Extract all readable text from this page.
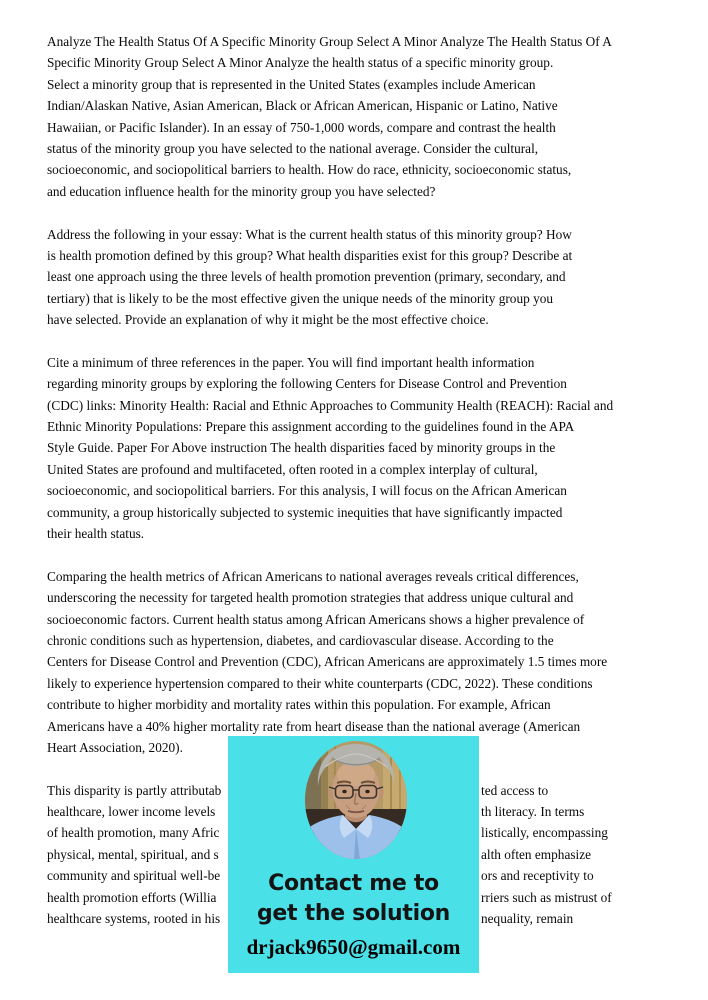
Analyze The Health Status Of A Specific Minority Group Select A Minor Analyze The Health Status Of A
Specific Minority Group Select A Minor Analyze the health status of a specific minority group.
Select a minority group that is represented in the United States (examples include American
Indian/Alaskan Native, Asian American, Black or African American, Hispanic or Latino, Native
Hawaiian, or Pacific Islander). In an essay of 750-1,000 words, compare and contrast the health
status of the minority group you have selected to the national average. Consider the cultural,
socioeconomic, and sociopolitical barriers to health. How do race, ethnicity, socioeconomic status,
and education influence health for the minority group you have selected?
Address the following in your essay: What is the current health status of this minority group? How
is health promotion defined by this group? What health disparities exist for this group? Describe at
least one approach using the three levels of health promotion prevention (primary, secondary, and
tertiary) that is likely to be the most effective given the unique needs of the minority group you
have selected. Provide an explanation of why it might be the most effective choice.
Cite a minimum of three references in the paper. You will find important health information
regarding minority groups by exploring the following Centers for Disease Control and Prevention
(CDC) links: Minority Health: Racial and Ethnic Approaches to Community Health (REACH): Racial and
Ethnic Minority Populations: Prepare this assignment according to the guidelines found in the APA
Style Guide. Paper For Above instruction The health disparities faced by minority groups in the
United States are profound and multifaceted, often rooted in a complex interplay of cultural,
socioeconomic, and sociopolitical barriers. For this analysis, I will focus on the African American
community, a group historically subjected to systemic inequities that have significantly impacted
their health status.
Comparing the health metrics of African Americans to national averages reveals critical differences,
underscoring the necessity for targeted health promotion strategies that address unique cultural and
socioeconomic factors. Current health status among African Americans shows a higher prevalence of
chronic conditions such as hypertension, diabetes, and cardiovascular disease. According to the
Centers for Disease Control and Prevention (CDC), African Americans are approximately 1.5 times more
likely to experience hypertension compared to their white counterparts (CDC, 2022). These conditions
contribute to higher morbidity and mortality rates within this population. For example, African
Americans have a 40% higher mortality rate from heart disease than the national average (American
Heart Association, 2020).
This disparity is partly attributab	ted access to
healthcare, lower income levels	th literacy. In terms
of health promotion, many Afric	listically, encompassing
physical, mental, spiritual, and s	alth often emphasize
community and spiritual well-be	ors and receptivity to
health promotion efforts (Willia	rriers such as mistrust of
healthcare systems, rooted in his	nequality, remain
Contact me to
get the solution
drjack9650@gmail.com
